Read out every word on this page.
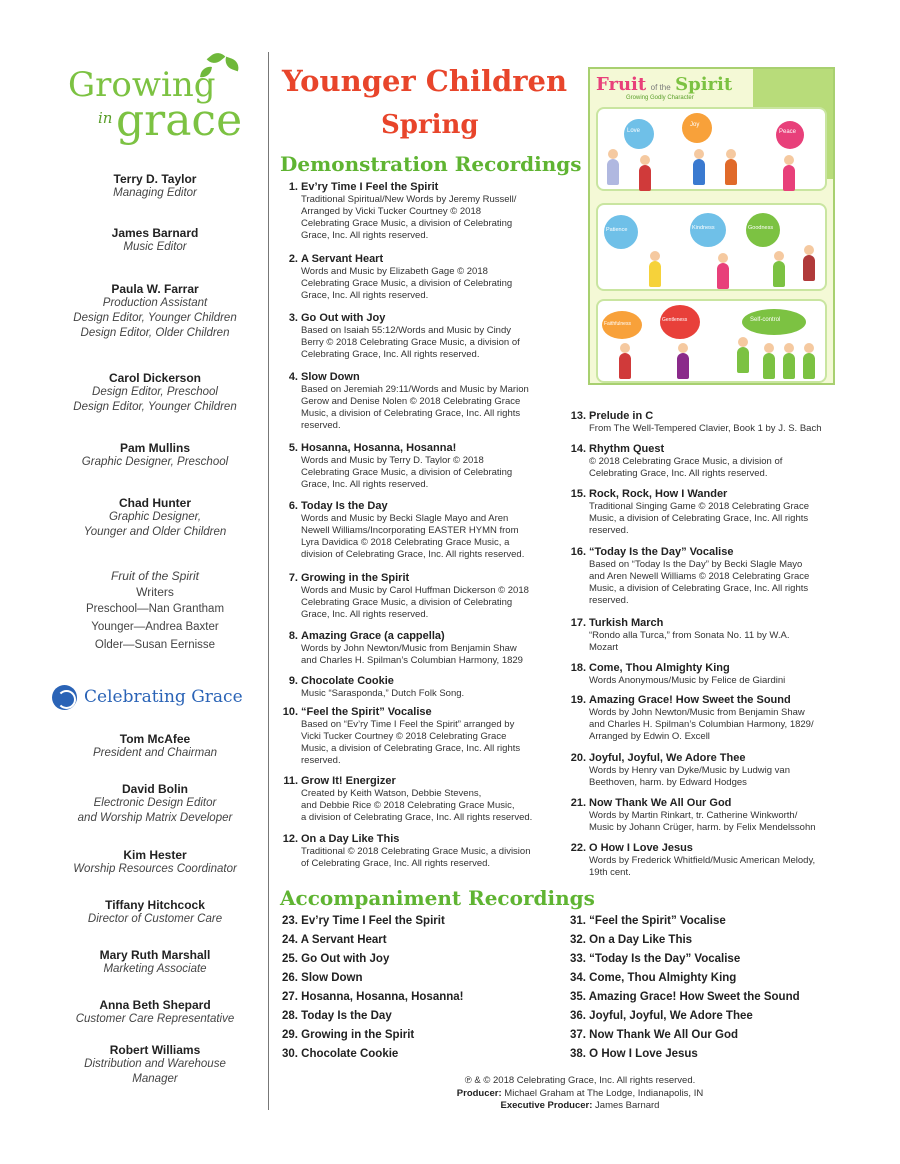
Growing
in grace
Terry D. Taylor
Managing Editor
James Barnard
Music Editor
Paula W. Farrar
Production Assistant
Design Editor, Younger Children
Design Editor, Older Children
Carol Dickerson
Design Editor, Preschool
Design Editor, Younger Children
Pam Mullins
Graphic Designer, Preschool
Chad Hunter
Graphic Designer,
Younger and Older Children
Fruit of the Spirit
Writers
Preschool—Nan Grantham
Younger—Andrea Baxter
Older—Susan Eernisse
Celebrating Grace
Tom McAfee
President and Chairman
David Bolin
Electronic Design Editor
and Worship Matrix Developer
Kim Hester
Worship Resources Coordinator
Tiffany Hitchcock
Director of Customer Care
Mary Ruth Marshall
Marketing Associate
Anna Beth Shepard
Customer Care Representative
Robert Williams
Distribution and Warehouse
Manager
Younger Children
Spring
Demonstration Recordings
Fruit of the Spirit
Growing Godly Character
Love
Joy
Peace
Patience	Kindness	Goodness
Faithfulness
Gentleness	Self-control
1. Ev’ry Time I Feel the Spirit
Traditional Spiritual/New Words by Jeremy Russell/
Arranged by Vicki Tucker Courtney © 2018
Celebrating Grace Music, a division of Celebrating
Grace, Inc. All rights reserved.
2. A Servant Heart
Words and Music by Elizabeth Gage © 2018
Celebrating Grace Music, a division of Celebrating
Grace, Inc. All rights reserved.
3. Go Out with Joy
Based on Isaiah 55:12/Words and Music by Cindy
Berry © 2018 Celebrating Grace Music, a division of
Celebrating Grace, Inc. All rights reserved.
4. Slow Down
Based on Jeremiah 29:11/Words and Music by Marion
Gerow and Denise Nolen © 2018 Celebrating Grace
Music, a division of Celebrating Grace, Inc. All rights
reserved.
5. Hosanna, Hosanna, Hosanna!
Words and Music by Terry D. Taylor © 2018
Celebrating Grace Music, a division of Celebrating
Grace, Inc. All rights reserved.
6. Today Is the Day
Words and Music by Becki Slagle Mayo and Aren
Newell Williams/Incorporating EASTER HYMN from
Lyra Davidica © 2018 Celebrating Grace Music, a
division of Celebrating Grace, Inc. All rights reserved.
7. Growing in the Spirit
Words and Music by Carol Huffman Dickerson © 2018
Celebrating Grace Music, a division of Celebrating
Grace, Inc. All rights reserved.
8. Amazing Grace (a cappella)
Words by John Newton/Music from Benjamin Shaw
and Charles H. Spilman’s Columbian Harmony, 1829
9. Chocolate Cookie
Music “Sarasponda,” Dutch Folk Song.
10. “Feel the Spirit” Vocalise
Based on “Ev’ry Time I Feel the Spirit” arranged by
Vicki Tucker Courtney © 2018 Celebrating Grace
Music, a division of Celebrating Grace, Inc. All rights
reserved.
11. Grow It! Energizer
Created by Keith Watson, Debbie Stevens,
and Debbie Rice © 2018 Celebrating Grace Music,
a division of Celebrating Grace, Inc. All rights reserved.
12. On a Day Like This
Traditional © 2018 Celebrating Grace Music, a division
of Celebrating Grace, Inc. All rights reserved.
13. Prelude in C
From The Well-Tempered Clavier, Book 1 by J. S. Bach
14. Rhythm Quest
© 2018 Celebrating Grace Music, a division of
Celebrating Grace, Inc. All rights reserved.
15. Rock, Rock, How I Wander
Traditional Singing Game © 2018 Celebrating Grace
Music, a division of Celebrating Grace, Inc. All rights
reserved.
16. “Today Is the Day” Vocalise
Based on “Today Is the Day” by Becki Slagle Mayo
and Aren Newell Williams © 2018 Celebrating Grace
Music, a division of Celebrating Grace, Inc. All rights
reserved.
17. Turkish March
“Rondo alla Turca,” from Sonata No. 11 by W.A.
Mozart
18. Come, Thou Almighty King
Words Anonymous/Music by Felice de Giardini
19. Amazing Grace! How Sweet the Sound
Words by John Newton/Music from Benjamin Shaw
and Charles H. Spilman’s Columbian Harmony, 1829/
Arranged by Edwin O. Excell
20. Joyful, Joyful, We Adore Thee
Words by Henry van Dyke/Music by Ludwig van
Beethoven, harm. by Edward Hodges
21. Now Thank We All Our God
Words by Martin Rinkart, tr. Catherine Winkworth/
Music by Johann Crüger, harm. by Felix Mendelssohn
22. O How I Love Jesus
Words by Frederick Whitfield/Music American Melody,
19th cent.
Accompaniment Recordings
23. Ev’ry Time I Feel the Spirit
24. A Servant Heart
25. Go Out with Joy
26. Slow Down
27. Hosanna, Hosanna, Hosanna!
28. Today Is the Day
29. Growing in the Spirit
30. Chocolate Cookie
31. “Feel the Spirit” Vocalise
32. On a Day Like This
33. “Today Is the Day” Vocalise
34. Come, Thou Almighty King
35. Amazing Grace! How Sweet the Sound
36. Joyful, Joyful, We Adore Thee
37. Now Thank We All Our God
38. O How I Love Jesus
℗ & © 2018 Celebrating Grace, Inc. All rights reserved.
Producer: Michael Graham at The Lodge, Indianapolis, IN
Executive Producer: James Barnard
